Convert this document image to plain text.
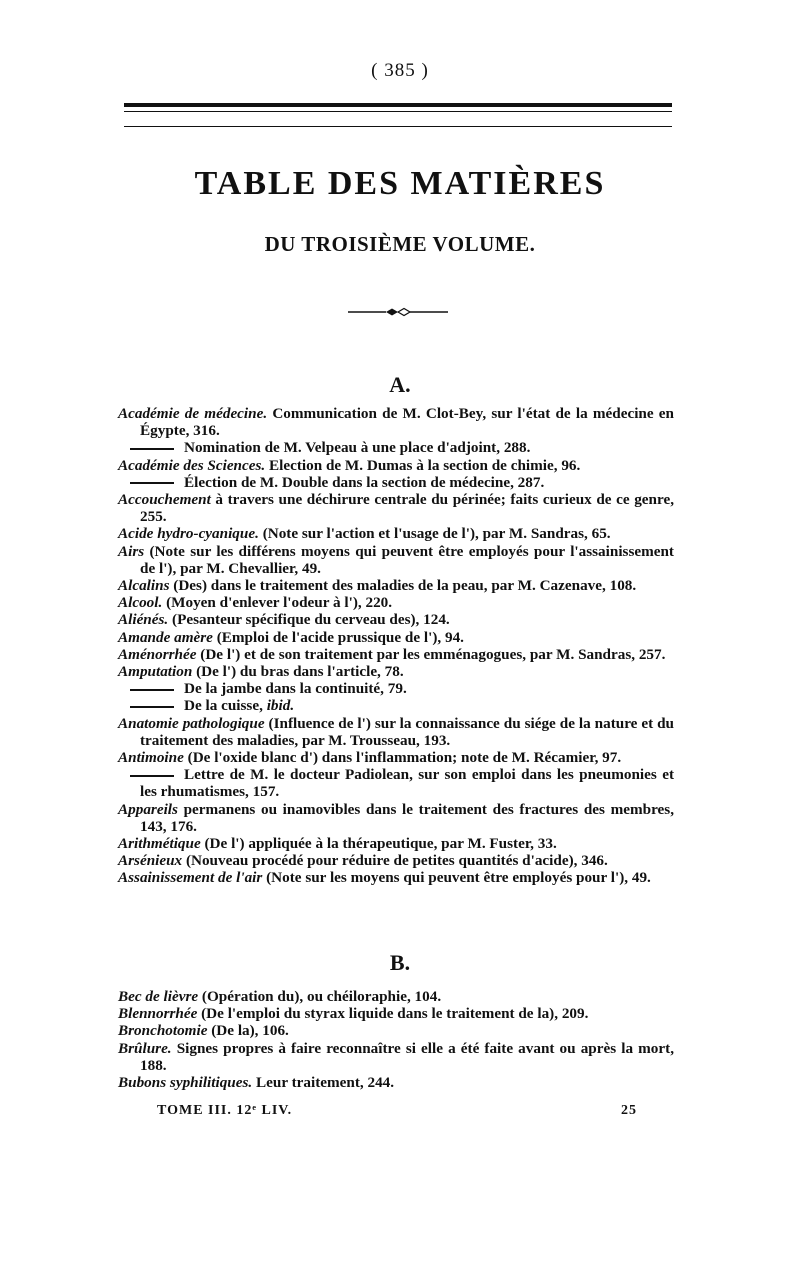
( 385 )
TABLE DES MATIÈRES
DU TROISIÈME VOLUME.
A.

Académie de médecine. Communication de M. Clot-Bey, sur l'état de la médecine en Égypte, 316.

Nomination de M. Velpeau à une place d'adjoint, 288.

Académie des Sciences. Election de M. Dumas à la section de chimie, 96.

Élection de M. Double dans la section de médecine, 287.

Accouchement à travers une déchirure centrale du périnée; faits curieux de ce genre, 255.

Acide hydro-cyanique. (Note sur l'action et l'usage de l'), par M. Sandras, 65.

Airs (Note sur les différens moyens qui peuvent être employés pour l'assainissement de l'), par M. Chevallier, 49.

Alcalins (Des) dans le traitement des maladies de la peau, par M. Cazenave, 108.

Alcool. (Moyen d'enlever l'odeur à l'), 220.

Aliénés. (Pesanteur spécifique du cerveau des), 124.

Amande amère (Emploi de l'acide prussique de l'), 94.

Aménorrhée (De l') et de son traitement par les emménagogues, par M. Sandras, 257.

Amputation (De l') du bras dans l'article, 78.

De la jambe dans la continuité, 79.

De la cuisse, ibid.

Anatomie pathologique (Influence de l') sur la connaissance du siége de la nature et du traitement des maladies, par M. Trousseau, 193.

Antimoine (De l'oxide blanc d') dans l'inflammation; note de M. Récamier, 97.

Lettre de M. le docteur Padiolean, sur son emploi dans les pneumonies et les rhumatismes, 157.

Appareils permanens ou inamovibles dans le traitement des fractures des membres, 143, 176.

Arithmétique (De l') appliquée à la thérapeutique, par M. Fuster, 33.

Arsénieux (Nouveau procédé pour réduire de petites quantités d'acide), 346.

Assainissement de l'air (Note sur les moyens qui peuvent être employés pour l'), 49.

B.

Bec de lièvre (Opération du), ou chéiloraphie, 104.

Blennorrhée (De l'emploi du styrax liquide dans le traitement de la), 209.

Bronchotomie (De la), 106.

Brûlure. Signes propres à faire reconnaître si elle a été faite avant ou après la mort, 188.

Bubons syphilitiques. Leur traitement, 244.

TOME III. 12ᵉ LIV.	25
